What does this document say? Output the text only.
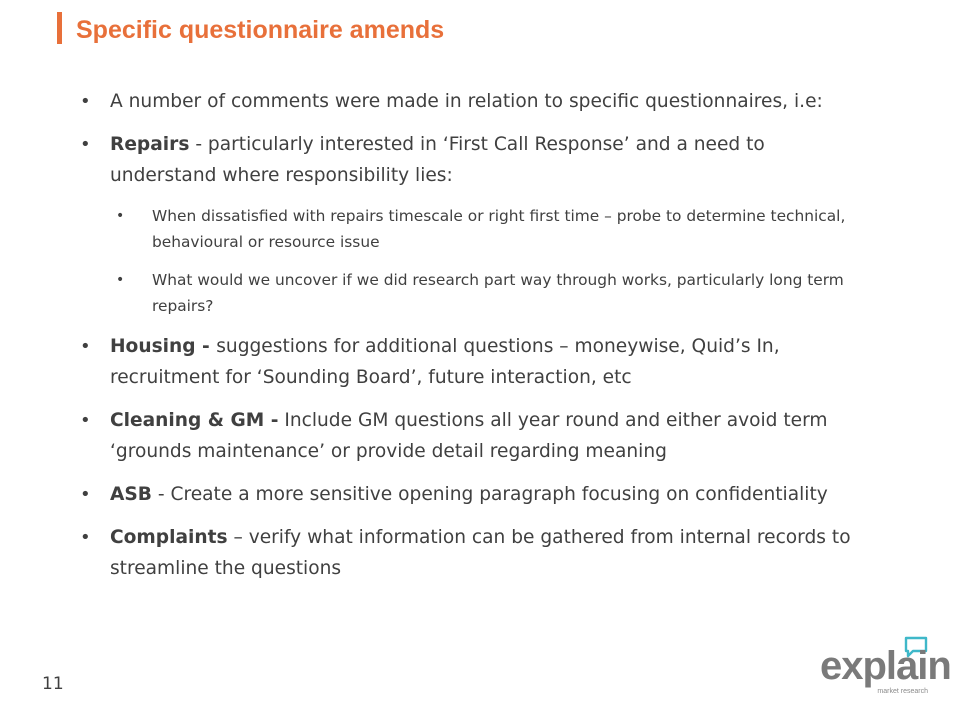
Specific questionnaire amends
• A number of comments were made in relation to specific questionnaires, i.e:
• Repairs - particularly interested in ‘First Call Response’ and a need to understand where responsibility lies:
• When dissatisfied with repairs timescale or right first time – probe to determine technical, behavioural or resource issue
• What would we uncover if we did research part way through works, particularly long term repairs?
• Housing - suggestions for additional questions – moneywise, Quid’s In, recruitment for ‘Sounding Board’, future interaction, etc
• Cleaning & GM - Include GM questions all year round and either avoid term ‘grounds maintenance’ or provide detail regarding meaning
• ASB - Create a more sensitive opening paragraph focusing on confidentiality
• Complaints – verify what information can be gathered from internal records to streamline the questions
11	explain
market research
